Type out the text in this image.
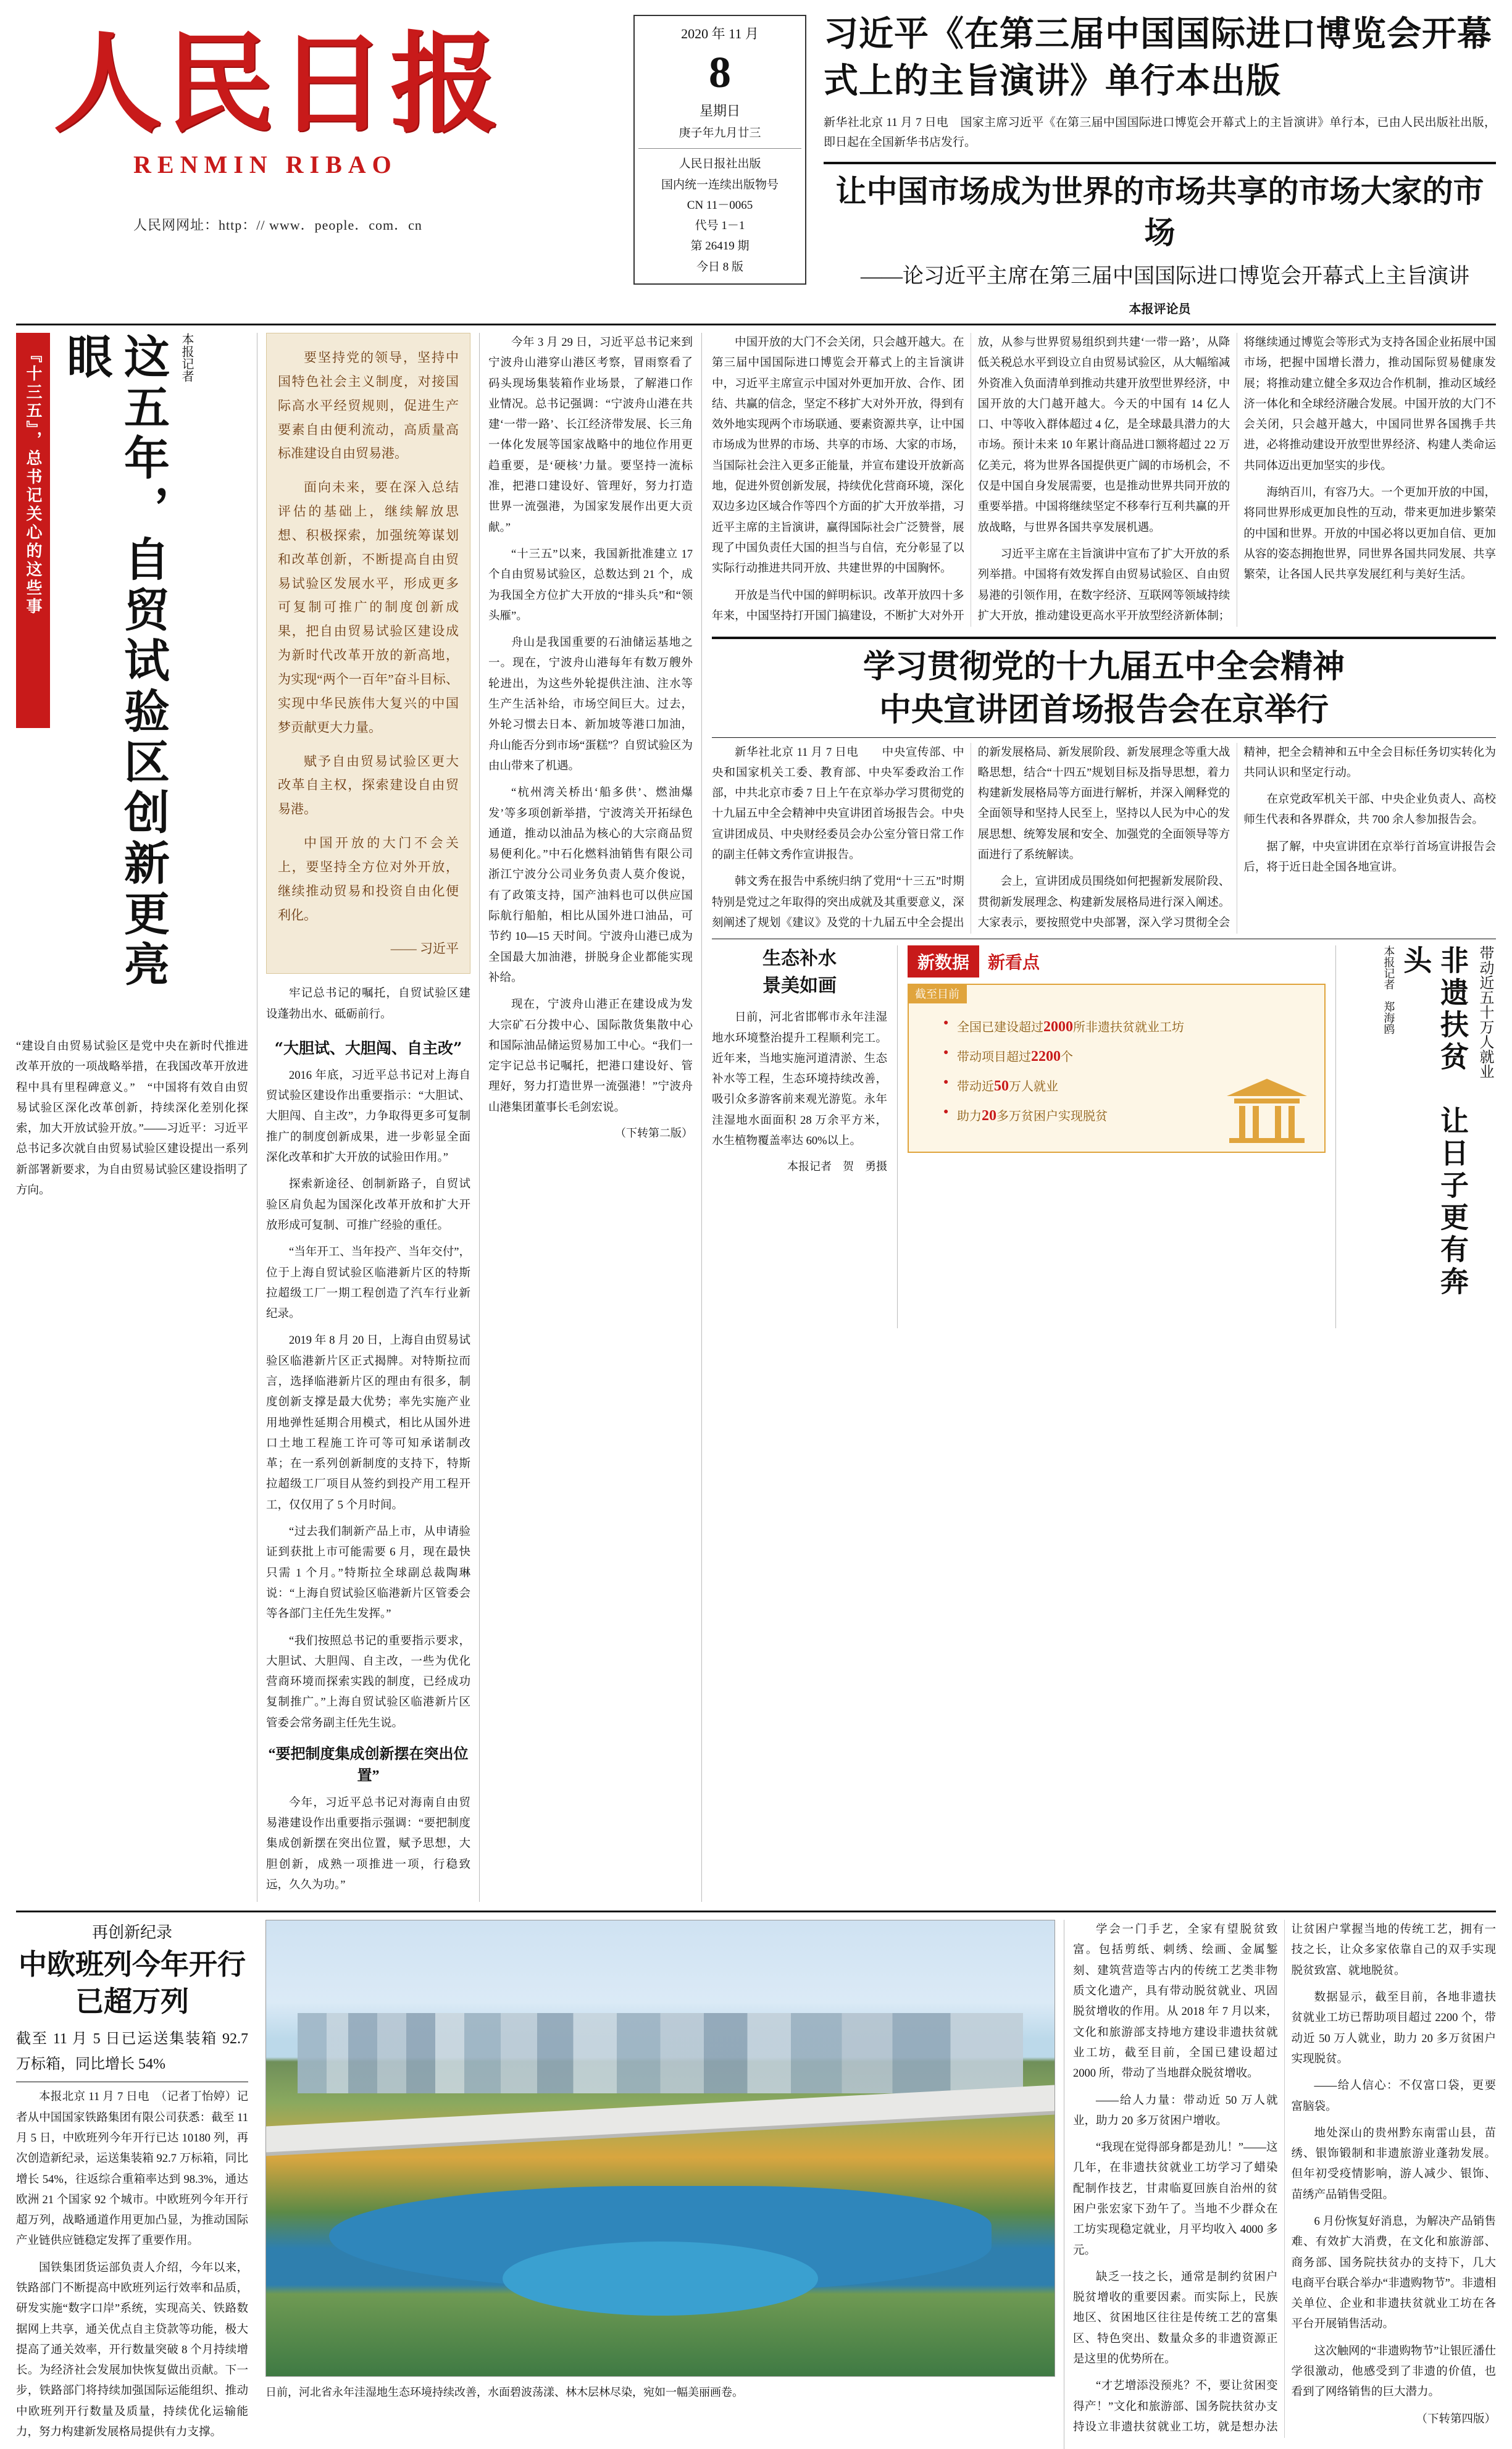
人民日报
RENMIN RIBAO
人民网网址：http：// www．people．com．cn
2020 年 11 月
8
星期日
庚子年九月廿三
人民日报社出版
国内统一连续出版物号
CN 11－0065
代号 1－1
第 26419 期
今日 8 版
习近平《在第三届中国国际进口博览会开幕式上的主旨演讲》单行本出版
新华社北京 11 月 7 日电　国家主席习近平《在第三届中国国际进口博览会开幕式上的主旨演讲》单行本，已由人民出版社出版，即日起在全国新华书店发行。
让中国市场成为世界的市场共享的市场大家的市场
——论习近平主席在第三届中国国际进口博览会开幕式上主旨演讲
本报评论员
『十三五』，总书记关心的这些事	这五年，自贸试验区创新更亮眼	本报记者
“建设自由贸易试验区是党中央在新时代推进改革开放的一项战略举措，在我国改革开放进程中具有里程碑意义。”　“中国将有效自由贸易试验区深化改革创新，持续深化差别化探索，加大开放试验开放。”——习近平：习近平总书记多次就自由贸易试验区建设提出一系列新部署新要求，为自由贸易试验区建设指明了方向。

要坚持党的领导，坚持中国特色社会主义制度，对接国际高水平经贸规则，促进生产要素自由便利流动，高质量高标准建设自由贸易港。

面向未来，要在深入总结评估的基础上，继续解放思想、积极探索，加强统筹谋划和改革创新，不断提高自由贸易试验区发展水平，形成更多可复制可推广的制度创新成果，把自由贸易试验区建设成为新时代改革开放的新高地，为实现“两个一百年”奋斗目标、实现中华民族伟大复兴的中国梦贡献更大力量。

赋予自由贸易试验区更大改革自主权，探索建设自由贸易港。

中国开放的大门不会关上，要坚持全方位对外开放，继续推动贸易和投资自由化便利化。

—— 习近平

牢记总书记的嘱托，自贸试验区建设蓬勃出水、砥砺前行。

“大胆试、大胆闯、自主改”

2016 年底，习近平总书记对上海自贸试验区建设作出重要指示：“大胆试、大胆闯、自主改”，力争取得更多可复制推广的制度创新成果，进一步彰显全面深化改革和扩大开放的试验田作用。”

探索新途径、创制新路子，自贸试验区肩负起为国深化改革开放和扩大开放形成可复制、可推广经验的重任。

“当年开工、当年投产、当年交付”，位于上海自贸试验区临港新片区的特斯拉超级工厂一期工程创造了汽车行业新纪录。

2019 年 8 月 20 日，上海自由贸易试验区临港新片区正式揭牌。对特斯拉而言，选择临港新片区的理由有很多，制度创新支撑是最大优势；率先实施产业用地弹性延期合用模式，相比从国外进口土地工程施工许可等可知承诺制改革；在一系列创新制度的支持下，特斯拉超级工厂项目从签约到投产用工程开工，仅仅用了 5 个月时间。

“过去我们制新产品上市，从申请验证到获批上市可能需要 6 月，现在最快只需 1 个月。”特斯拉全球副总裁陶琳说：“上海自贸试验区临港新片区管委会等各部门主任先生发挥。”

“我们按照总书记的重要指示要求，大胆试、大胆闯、自主改，一些为优化营商环境而探索实践的制度，已经成功复制推广。”上海自贸试验区临港新片区管委会常务副主任先生说。

“要把制度集成创新摆在突出位置”

今年，习近平总书记对海南自由贸易港建设作出重要指示强调：“要把制度集成创新摆在突出位置，赋予思想，大胆创新，成熟一项推进一项，行稳致远，久久为功。”

今年 3 月 29 日，习近平总书记来到宁波舟山港穿山港区考察，冒雨察看了码头现场集装箱作业场景，了解港口作业情况。总书记强调：“宁波舟山港在共建‘一带一路’、长江经济带发展、长三角一体化发展等国家战略中的地位作用更趋重要，是‘硬核’力量。要坚持一流标准，把港口建设好、管理好，努力打造世界一流强港，为国家发展作出更大贡献。”

“十三五”以来，我国新批准建立 17 个自由贸易试验区，总数达到 21 个，成为我国全方位扩大开放的“排头兵”和“领头雁”。

舟山是我国重要的石油储运基地之一。现在，宁波舟山港每年有数万艘外轮进出，为这些外轮提供注油、注水等生产生活补给，市场空间巨大。过去，外轮习惯去日本、新加坡等港口加油，舟山能否分到市场“蛋糕”？自贸试验区为由山带来了机遇。

“杭州湾关桥出‘船多供’、燃油爆发’等多项创新举措，宁波湾关开拓绿色通道，推动以油品为核心的大宗商品贸易便利化。”中石化燃料油销售有限公司浙江宁波分公司业务负责人莫介俊说，有了政策支持，国产油料也可以供应国际航行船舶，相比从国外进口油品，可节约 10—15 天时间。宁波舟山港已成为全国最大加油港，拼脱身企业都能实现补给。

现在，宁波舟山港正在建设成为发大宗矿石分拨中心、国际散货集散中心和国际油品储运贸易加工中心。“我们一定宇记总书记嘱托，把港口建设好、管理好，努力打造世界一流强港！”宁波舟山港集团董事长毛剑宏说。

（下转第二版）

中国开放的大门不会关闭，只会越开越大。在第三届中国国际进口博览会开幕式上的主旨演讲中，习近平主席宣示中国对外更加开放、合作、团结、共赢的信念，坚定不移扩大对外开放，得到有效外地实现两个市场联通、要素资源共享，让中国市场成为世界的市场、共享的市场、大家的市场，当国际社会注入更多正能量，并宣布建设开放新高地，促进外贸创新发展，持续优化营商环境，深化双边多边区域合作等四个方面的扩大开放举措，习近平主席的主旨演讲，赢得国际社会广泛赞誉，展现了中国负责任大国的担当与自信，充分彰显了以实际行动推进共同开放、共建世界的中国胸怀。

开放是当代中国的鲜明标识。改革开放四十多年来，中国坚持打开国门搞建设，不断扩大对外开放，从参与世界贸易组织到共建‘一带一路’，从降低关税总水平到设立自由贸易试验区，从大幅缩减外资准入负面清单到推动共建开放型世界经济，中国开放的大门越开越大。今天的中国有 14 亿人口、中等收入群体超过 4 亿，是全球最具潜力的大市场。预计未来 10 年累计商品进口额将超过 22 万亿美元，将为世界各国提供更广阔的市场机会，不仅是中国自身发展需要，也是推动世界共同开放的重要举措。中国将继续坚定不移奉行互利共赢的开放战略，与世界各国共享发展机遇。

习近平主席在主旨演讲中宣布了扩大开放的系列举措。中国将有效发挥自由贸易试验区、自由贸易港的引领作用，在数字经济、互联网等领域持续扩大开放，推动建设更高水平开放型经济新体制；将继续通过博览会等形式为支持各国企业拓展中国市场，把握中国增长潜力，推动国际贸易健康发展；将推动建立健全多双边合作机制，推动区域经济一体化和全球经济融合发展。中国开放的大门不会关闭，只会越开越大，中国同世界各国携手共进，必将推动建设开放型世界经济、构建人类命运共同体迈出更加坚实的步伐。

海纳百川，有容乃大。一个更加开放的中国，将同世界形成更加良性的互动，带来更加进步繁荣的中国和世界。开放的中国必将以更加自信、更加从容的姿态拥抱世界，同世界各国共同发展、共享繁荣，让各国人民共享发展红利与美好生活。

学习贯彻党的十九届五中全会精神
中央宣讲团首场报告会在京举行

新华社北京 11 月 7 日电　　中央宣传部、中央和国家机关工委、教育部、中央军委政治工作部，中共北京市委 7 日上午在京举办学习贯彻党的十九届五中全会精神中央宣讲团首场报告会。中央宣讲团成员、中央财经委员会办公室分管日常工作的副主任韩文秀作宣讲报告。

韩文秀在报告中系统归纳了党用“十三五”时期特别是党过之年取得的突出成就及其重要意义，深刻阐述了规划《建议》及党的十九届五中全会提出的新发展格局、新发展阶段、新发展理念等重大战略思想，结合“十四五”规划目标及指导思想，着力构建新发展格局等方面进行解析，并深入阐释党的全面领导和坚持人民至上，坚持以人民为中心的发展思想、统筹发展和安全、加强党的全面领导等方面进行了系统解读。

会上，宣讲团成员围绕如何把握新发展阶段、贯彻新发展理念、构建新发展格局进行深入阐述。大家表示，要按照党中央部署，深入学习贯彻全会精神，把全会精神和五中全会目标任务切实转化为共同认识和坚定行动。

在京党政军机关干部、中央企业负责人、高校师生代表和各界群众，共 700 余人参加报告会。

据了解，中央宣讲团在京举行首场宣讲报告会后，将于近日赴全国各地宣讲。

生态补水
景美如画

日前，河北省邯郸市永年洼湿地水环境整治提升工程顺利完工。近年来，当地实施河道清淤、生态补水等工程，生态环境持续改善，吸引众多游客前来观光游览。永年洼湿地水面面积 28 万余平方米，水生植物覆盖率达 60%以上。

本报记者　贺　勇摄
新数据	新看点
截至目前
● 全国已建设超过2000所非遗扶贫就业工坊
● 带动项目超过2200个
● 带动近50万人就业
● 助力20多万贫困户实现脱贫
本报记者　郑海鸥	非遗扶贫　让日子更有奔头	带动近五十万人就业
再创新纪录
中欧班列今年开行已超万列
截至 11 月 5 日已运送集装箱 92.7 万标箱，同比增长 54%

本报北京 11 月 7 日电　（记者丁怡婷）记者从中国国家铁路集团有限公司获悉：截至 11 月 5 日，中欧班列今年开行已达 10180 列，再次创造新纪录，运送集装箱 92.7 万标箱，同比增长 54%，往返综合重箱率达到 98.3%，通达欧洲 21 个国家 92 个城市。中欧班列今年开行超万列，战略通道作用更加凸显，为推动国际产业链供应链稳定发挥了重要作用。

国铁集团货运部负责人介绍，今年以来，铁路部门不断提高中欧班列运行效率和品质，研发实施“数字口岸”系统，实现高关、铁路数据网上共享，通关优点自主贷款等功能，极大提高了通关效率，开行数量突破 8 个月持续增长。为经济社会发展加快恢复做出贡献。下一步，铁路部门将持续加强国际运能组织、推动中欧班列开行数量及质量，持续优化运输能力，努力构建新发展格局提供有力支撑。

日前，河北省永年洼湿地生态环境持续改善，水面碧波荡漾、林木层林尽染，宛如一幅美丽画卷。

学会一门手艺，全家有望脱贫致富。包括剪纸、刺绣、绘画、金属錾刻、建筑营造等古内的传统工艺类非物质文化遗产，具有带动脱贫就业、巩固脱贫增收的作用。从 2018 年 7 月以来，文化和旅游部支持地方建设非遗扶贫就业工坊，截至目前，全国已建设超过 2000 所，带动了当地群众脱贫增收。

——给人力量：带动近 50 万人就业，助力 20 多万贫困户增收。

“我现在觉得部身都是劲儿！”——这几年，在非遗扶贫就业工坊学习了蜡染配制作技艺，甘肃临夏回族自治州的贫困户张宏家下劲午了。当地不少群众在工坊实现稳定就业，月平均收入 4000 多元。

缺乏一技之长，通常是制约贫困户脱贫增收的重要因素。而实际上，民族地区、贫困地区往往是传统工艺的富集区、特色突出、数量众多的非遗资源正是这里的优势所在。

“才艺增添没预兆？不，要让贫困变得产！”文化和旅游部、国务院扶贫办支持设立非遗扶贫就业工坊，就是想办法让贫困户掌握当地的传统工艺，拥有一技之长，让众多家依靠自己的双手实现脱贫致富、就地脱贫。

数据显示，截至目前，各地非遗扶贫就业工坊已帮助项目超过 2200 个，带动近 50 万人就业，助力 20 多万贫困户实现脱贫。

——给人信心：不仅富口袋，更要富脑袋。

地处深山的贵州黔东南雷山县，苗绣、银饰锻制和非遗旅游业蓬勃发展。但年初受疫情影响，游人减少、银饰、苗绣产品销售受阻。

6 月份恢复好消息，为解决产品销售难、有效扩大消费，在文化和旅游部、商务部、国务院扶贫办的支持下，几大电商平台联合举办“非遗购物节”。非遗相关单位、企业和非遗扶贫就业工坊在各平台开展销售活动。

这次触网的“非遗购物节”让银匠潘仕学很激动，他感受到了非遗的价值，也看到了网络销售的巨大潜力。

（下转第四版）
